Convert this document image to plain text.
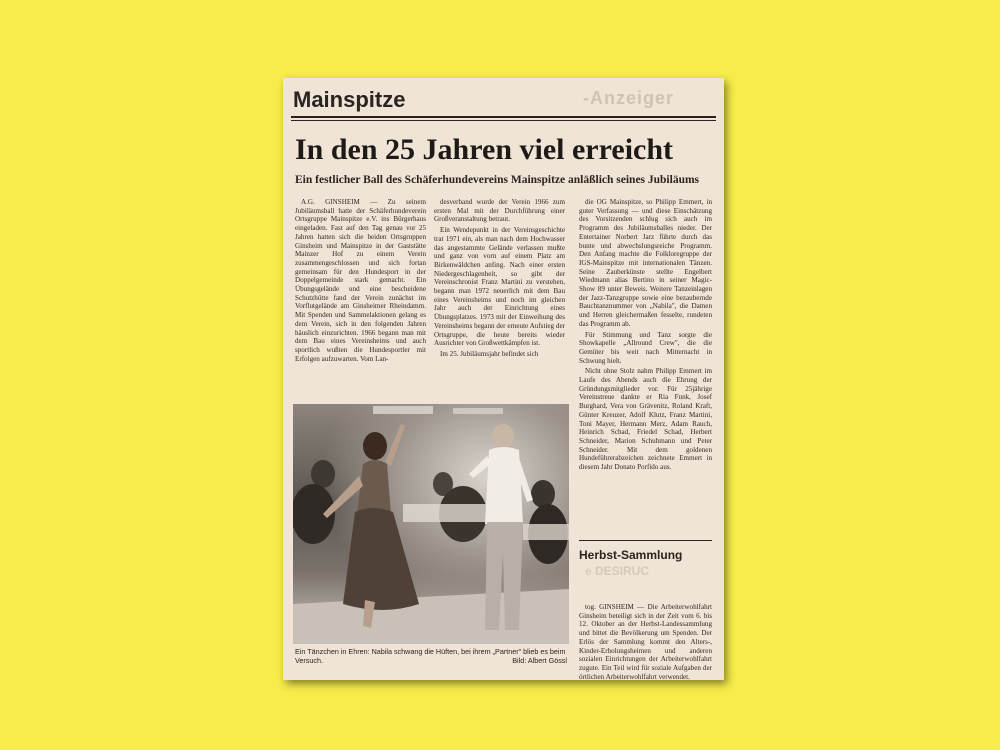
-Anzeiger
e DESIRUC
Mainspitze
In den 25 Jahren viel erreicht
Ein festlicher Ball des Schäferhundevereins Mainspitze anläßlich seines Jubiläums

A.G. GINSHEIM — Zu seinem Jubiläumsball hatte der Schäferhundeverein Ortsgruppe Mainspitze e.V. ins Bürgerhaus eingeladen. Fast auf den Tag genau vor 25 Jahren hatten sich die beiden Ortsgruppen Ginsheim und Mainspitze in der Gaststätte Mainzer Hof zu einem Verein zusammengeschlossen und sich fortan gemeinsam für den Hundesport in der Doppelgemeinde stark gemacht. Ein Übungsgelände und eine bescheidene Schutzhütte fand der Verein zunächst im Vorflutgelände am Ginsheimer Rheindamm. Mit Spenden und Sammelaktionen gelang es dem Verein, sich in den folgenden Jahren häuslich einzurichten. 1966 begann man mit dem Bau eines Vereinsheims und auch sportlich wußten die Hundesportler mit Erfolgen aufzuwarten. Vom Lan-

desverband wurde der Verein 1966 zum ersten Mal mit der Durchführung einer Großveranstaltung betraut.

Ein Wendepunkt in der Vereinsgeschichte trat 1971 ein, als man nach dem Hochwasser das angestammte Gelände verlassen mußte und ganz von vorn auf einem Platz am Birkenwäldchen anfing. Nach einer ersten Niedergeschlagenheit, so gibt der Vereinschronist Franz Martini zu verstehen, begann man 1972 neuerlich mit dem Bau eines Vereinsheims und noch im gleichen Jahr auch der Einrichtung eines Übungsplatzes. 1973 mit der Einweihung des Vereinsheims begann der erneute Aufstieg der Ortsgruppe, die heute bereits wieder Ausrichter von Großwettkämpfen ist.

Im 25. Jubiläumsjahr befindet sich

die OG Mainspitze, so Philipp Emmert, in guter Verfassung — und diese Einschätzung des Vorsitzenden schlug sich auch im Programm des Jubiläumsballes nieder. Der Entertainer Norbert Jarz führte durch das bunte und abwechslungsreiche Programm. Den Anfang machte die Folkloregruppe der IGS-Mainspitze mit internationalen Tänzen. Seine Zauberkünste stellte Engelbert Wiedmann alias Bertino in seiner Magic-Show 89 unter Beweis. Weitere Tanzeinlagen der Jazz-Tanzgruppe sowie eine bezaubernde Bauchtanznummer von „Nabila", die Damen und Herren gleichermaßen fesselte, rundeten das Programm ab.

Für Stimmung und Tanz sorgte die Showkapelle „Allround Crew", die die Gemüter bis weit nach Mitternacht in Schwung hielt.

Nicht ohne Stolz nahm Philipp Emmert im Laufe des Abends auch die Ehrung der Gründungsmitglieder vor. Für 25jährige Vereinstreue dankte er Ria Funk, Josef Burghard, Vera von Grävenitz, Roland Kraft, Günter Kreuzer, Adolf Klutz, Franz Martini, Toni Mayer, Hermann Merz, Adam Rauch, Heinrich Schad, Friedel Schad, Herbert Schneider, Marion Schuhmann und Peter Schneider. Mit dem goldenen Hundeführerabzeichen zeichnete Emmert in diesem Jahr Donato Porfido aus.

Herbst-Sammlung

tog. GINSHEIM — Die Arbeiterwohlfahrt Ginsheim beteiligt sich in der Zeit vom 6. bis 12. Oktober an der Herbst-Landessammlung und bittet die Bevölkerung um Spenden. Der Erlös der Sammlung kommt den Alters-, Kinder-Erholungsheimen und anderen sozialen Einrichtungen der Arbeiterwohlfahrt zugute. Ein Teil wird für soziale Aufgaben der örtlichen Arbeiterwohlfahrt verwendet.

Ein Tänzchen in Ehren: Nabila schwang die Hüften, bei ihrem „Partner" blieb es beim Versuch.	Bild: Albert Gössl
